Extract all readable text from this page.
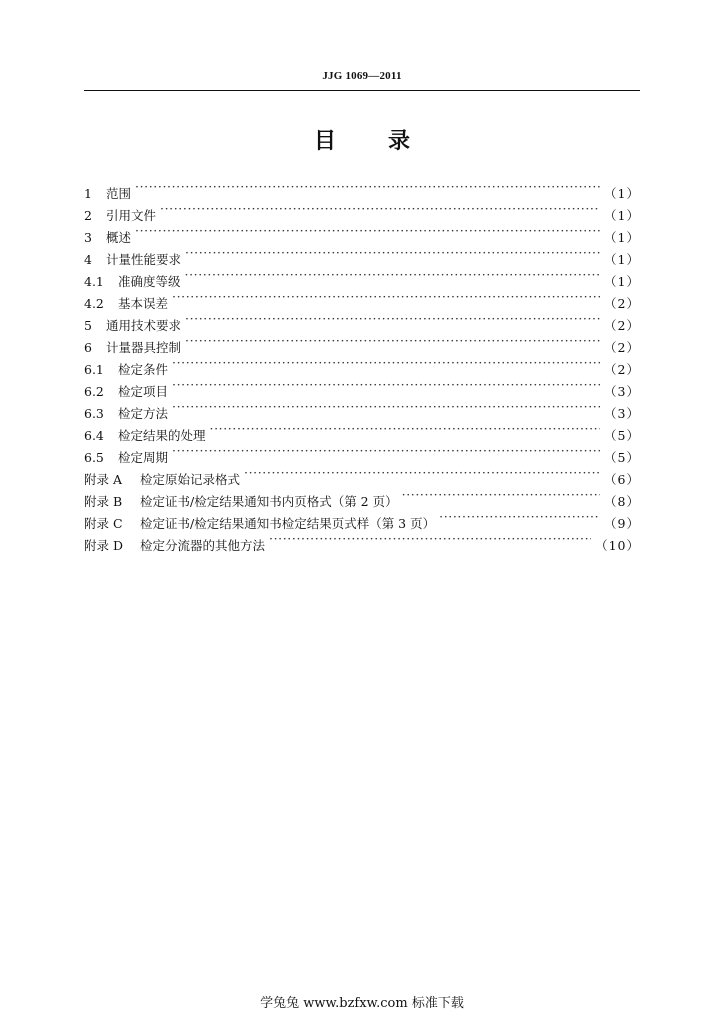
JJG 1069—2011
目 录
1	范围 ·····	（1）
2	引用文件 ·····	（1）
3	概述 ·····	（1）
4	计量性能要求 ·····	（1）
4.1	准确度等级 ·····	（1）
4.2	基本误差 ·····	（2）
5	通用技术要求 ·····	（2）
6	计量器具控制 ·····	（2）
6.1	检定条件 ·····	（2）
6.2	检定项目 ·····	（3）
6.3	检定方法 ·····	（3）
6.4	检定结果的处理 ·····	（5）
6.5	检定周期 ·····	（5）
附录 A	检定原始记录格式 ·····	（6）
附录 B	检定证书/检定结果通知书内页格式（第 2 页） ·····	（8）
附录 C	检定证书/检定结果通知书检定结果页式样（第 3 页） ·····	（9）
附录 D	检定分流器的其他方法 ·····	（10）
学兔兔 www.bzfxw.com 标准下载
